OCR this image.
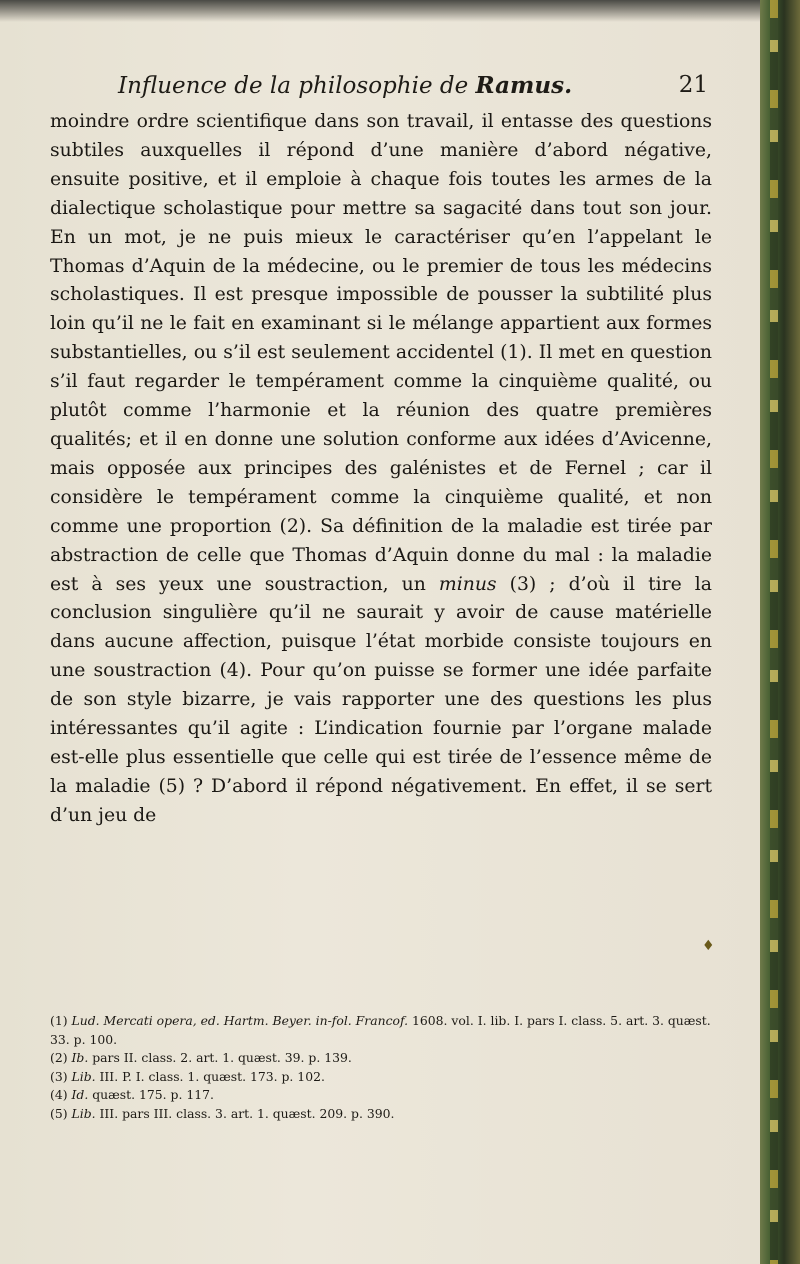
Influence de la philosophie de Ramus.	21

moindre ordre scientifique dans son travail, il entasse des questions subtiles auxquelles il répond d’une manière d’abord négative, ensuite positive, et il emploie à chaque fois toutes les armes de la dialectique scholastique pour mettre sa sagacité dans tout son jour. En un mot, je ne puis mieux le caractériser qu’en l’appelant le Thomas d’Aquin de la médecine, ou le premier de tous les médecins scholastiques. Il est presque impossible de pousser la subtilité plus loin qu’il ne le fait en examinant si le mélange appartient aux formes substantielles, ou s’il est seulement accidentel (1). Il met en question s’il faut regarder le tempérament comme la cinquième qualité, ou plutôt comme l’harmonie et la réunion des quatre premières qualités; et il en donne une solution conforme aux idées d’Avicenne, mais opposée aux principes des galénistes et de Fernel ; car il considère le tempérament comme la cinquième qualité, et non comme une proportion (2). Sa définition de la maladie est tirée par abstraction de celle que Thomas d’Aquin donne du mal : la maladie est à ses yeux une soustraction, un minus (3) ; d’où il tire la conclusion singulière qu’il ne saurait y avoir de cause matérielle dans aucune affection, puisque l’état morbide consiste toujours en une soustraction (4). Pour qu’on puisse se former une idée parfaite de son style bizarre, je vais rapporter une des questions les plus intéressantes qu’il agite : L’indication fournie par l’organe malade est-elle plus essentielle que celle qui est tirée de l’essence même de la maladie (5) ? D’abord il répond négativement. En effet, il se sert d’un jeu de

♦

(1) Lud. Mercati opera, ed. Hartm. Beyer. in-fol. Francof. 1608. vol. I. lib. I. pars I. class. 5. art. 3. quæst. 33. p. 100.

(2) Ib. pars II. class. 2. art. 1. quæst. 39. p. 139.

(3) Lib. III. P. I. class. 1. quæst. 173. p. 102.

(4) Id. quæst. 175. p. 117.

(5) Lib. III. pars III. class. 3. art. 1. quæst. 209. p. 390.
